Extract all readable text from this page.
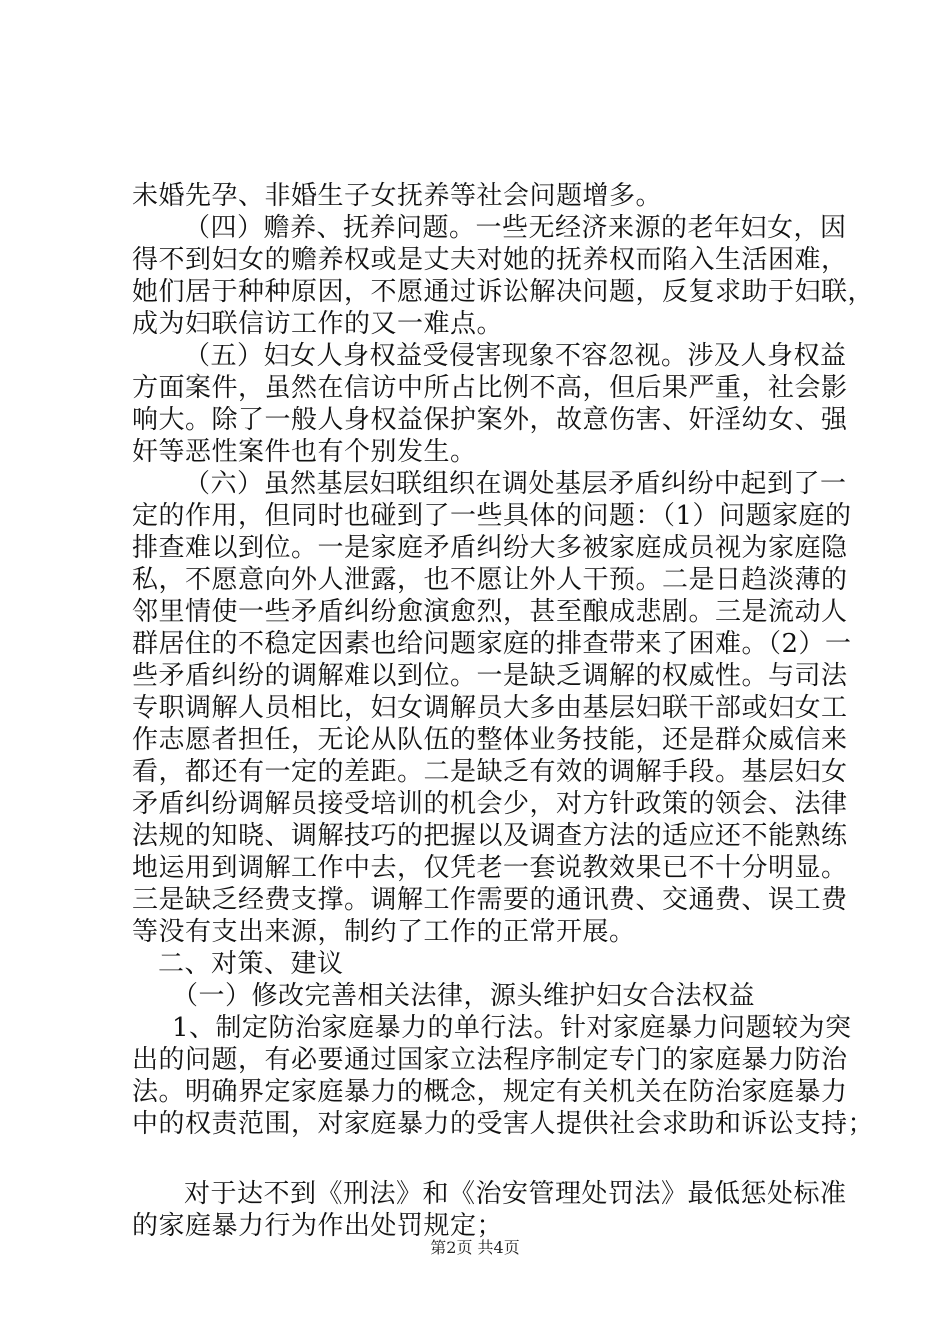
未婚先孕、非婚生子女抚养等社会问题增多。
（四）赡养、抚养问题。一些无经济来源的老年妇女，因
得不到妇女的赡养权或是丈夫对她的抚养权而陷入生活困难，
她们居于种种原因，不愿通过诉讼解决问题，反复求助于妇联，
成为妇联信访工作的又一难点。
（五）妇女人身权益受侵害现象不容忽视。涉及人身权益
方面案件，虽然在信访中所占比例不高，但后果严重，社会影
响大。除了一般人身权益保护案外，故意伤害、奸淫幼女、强
奸等恶性案件也有个别发生。
（六）虽然基层妇联组织在调处基层矛盾纠纷中起到了一
定的作用，但同时也碰到了一些具体的问题：（1）问题家庭的
排查难以到位。一是家庭矛盾纠纷大多被家庭成员视为家庭隐
私，不愿意向外人泄露，也不愿让外人干预。二是日趋淡薄的
邻里情使一些矛盾纠纷愈演愈烈，甚至酿成悲剧。三是流动人
群居住的不稳定因素也给问题家庭的排查带来了困难。（2）一
些矛盾纠纷的调解难以到位。一是缺乏调解的权威性。与司法
专职调解人员相比，妇女调解员大多由基层妇联干部或妇女工
作志愿者担任，无论从队伍的整体业务技能，还是群众威信来
看，都还有一定的差距。二是缺乏有效的调解手段。基层妇女
矛盾纠纷调解员接受培训的机会少，对方针政策的领会、法律
法规的知晓、调解技巧的把握以及调查方法的适应还不能熟练
地运用到调解工作中去，仅凭老一套说教效果已不十分明显。
三是缺乏经费支撑。调解工作需要的通讯费、交通费、误工费
等没有支出来源，制约了工作的正常开展。
二、对策、建议
（一）修改完善相关法律，源头维护妇女合法权益
1、制定防治家庭暴力的单行法。针对家庭暴力问题较为突
出的问题，有必要通过国家立法程序制定专门的家庭暴力防治
法。明确界定家庭暴力的概念，规定有关机关在防治家庭暴力
中的权责范围，对家庭暴力的受害人提供社会求助和诉讼支持；
对于达不到《刑法》和《治安管理处罚法》最低惩处标准
的家庭暴力行为作出处罚规定；
第2页 共4页
